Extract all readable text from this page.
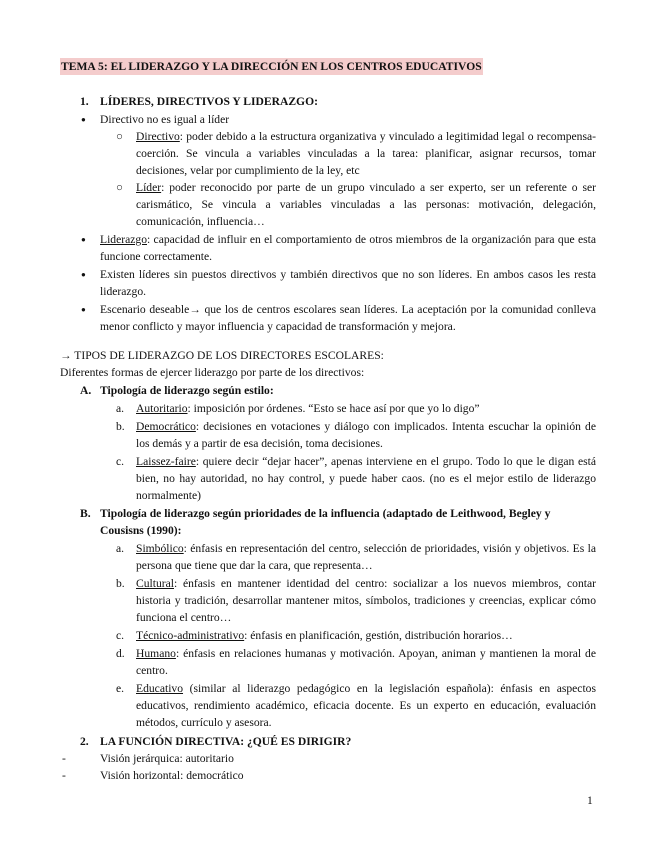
TEMA 5: EL LIDERAZGO Y LA DIRECCIÓN EN LOS CENTROS EDUCATIVOS
1. LÍDERES, DIRECTIVOS Y LIDERAZGO:
● Directivo no es igual a líder
○ Directivo: poder debido a la estructura organizativa y vinculado a legitimidad legal o recompensa-coerción. Se vincula a variables vinculadas a la tarea: planificar, asignar recursos, tomar decisiones, velar por cumplimiento de la ley, etc
○ Líder: poder reconocido por parte de un grupo vinculado a ser experto, ser un referente o ser carismático, Se vincula a variables vinculadas a las personas: motivación, delegación, comunicación, influencia…
● Liderazgo: capacidad de influir en el comportamiento de otros miembros de la organización para que esta funcione correctamente.
● Existen líderes sin puestos directivos y también directivos que no son líderes. En ambos casos les resta liderazgo.
● Escenario deseable→ que los de centros escolares sean líderes. La aceptación por la comunidad conlleva menor conflicto y mayor influencia y capacidad de transformación y mejora.
→ TIPOS DE LIDERAZGO DE LOS DIRECTORES ESCOLARES:
Diferentes formas de ejercer liderazgo por parte de los directivos:
A. Tipología de liderazgo según estilo:
a. Autoritario: imposición por órdenes. “Esto se hace así por que yo lo digo”
b. Democrático: decisiones en votaciones y diálogo con implicados. Intenta escuchar la opinión de los demás y a partir de esa decisión, toma decisiones.
c. Laissez-faire: quiere decir “dejar hacer”, apenas interviene en el grupo. Todo lo que le digan está bien, no hay autoridad, no hay control, y puede haber caos. (no es el mejor estilo de liderazgo normalmente)
B. Tipología de liderazgo según prioridades de la influencia (adaptado de Leithwood, Begley y Cousisns (1990):
a. Simbólico: énfasis en representación del centro, selección de prioridades, visión y objetivos. Es la persona que tiene que dar la cara, que representa…
b. Cultural: énfasis en mantener identidad del centro: socializar a los nuevos miembros, contar historia y tradición, desarrollar mantener mitos, símbolos, tradiciones y creencias, explicar cómo funciona el centro…
c. Técnico-administrativo: énfasis en planificación, gestión, distribución horarios…
d. Humano: énfasis en relaciones humanas y motivación. Apoyan, animan y mantienen la moral de centro.
e. Educativo (similar al liderazgo pedagógico en la legislación española): énfasis en aspectos educativos, rendimiento académico, eficacia docente. Es un experto en educación, evaluación métodos, currículo y asesora.
2. LA FUNCIÓN DIRECTIVA: ¿QUÉ ES DIRIGIR?
-	Visión jerárquica: autoritario
-	Visión horizontal: democrático
1
